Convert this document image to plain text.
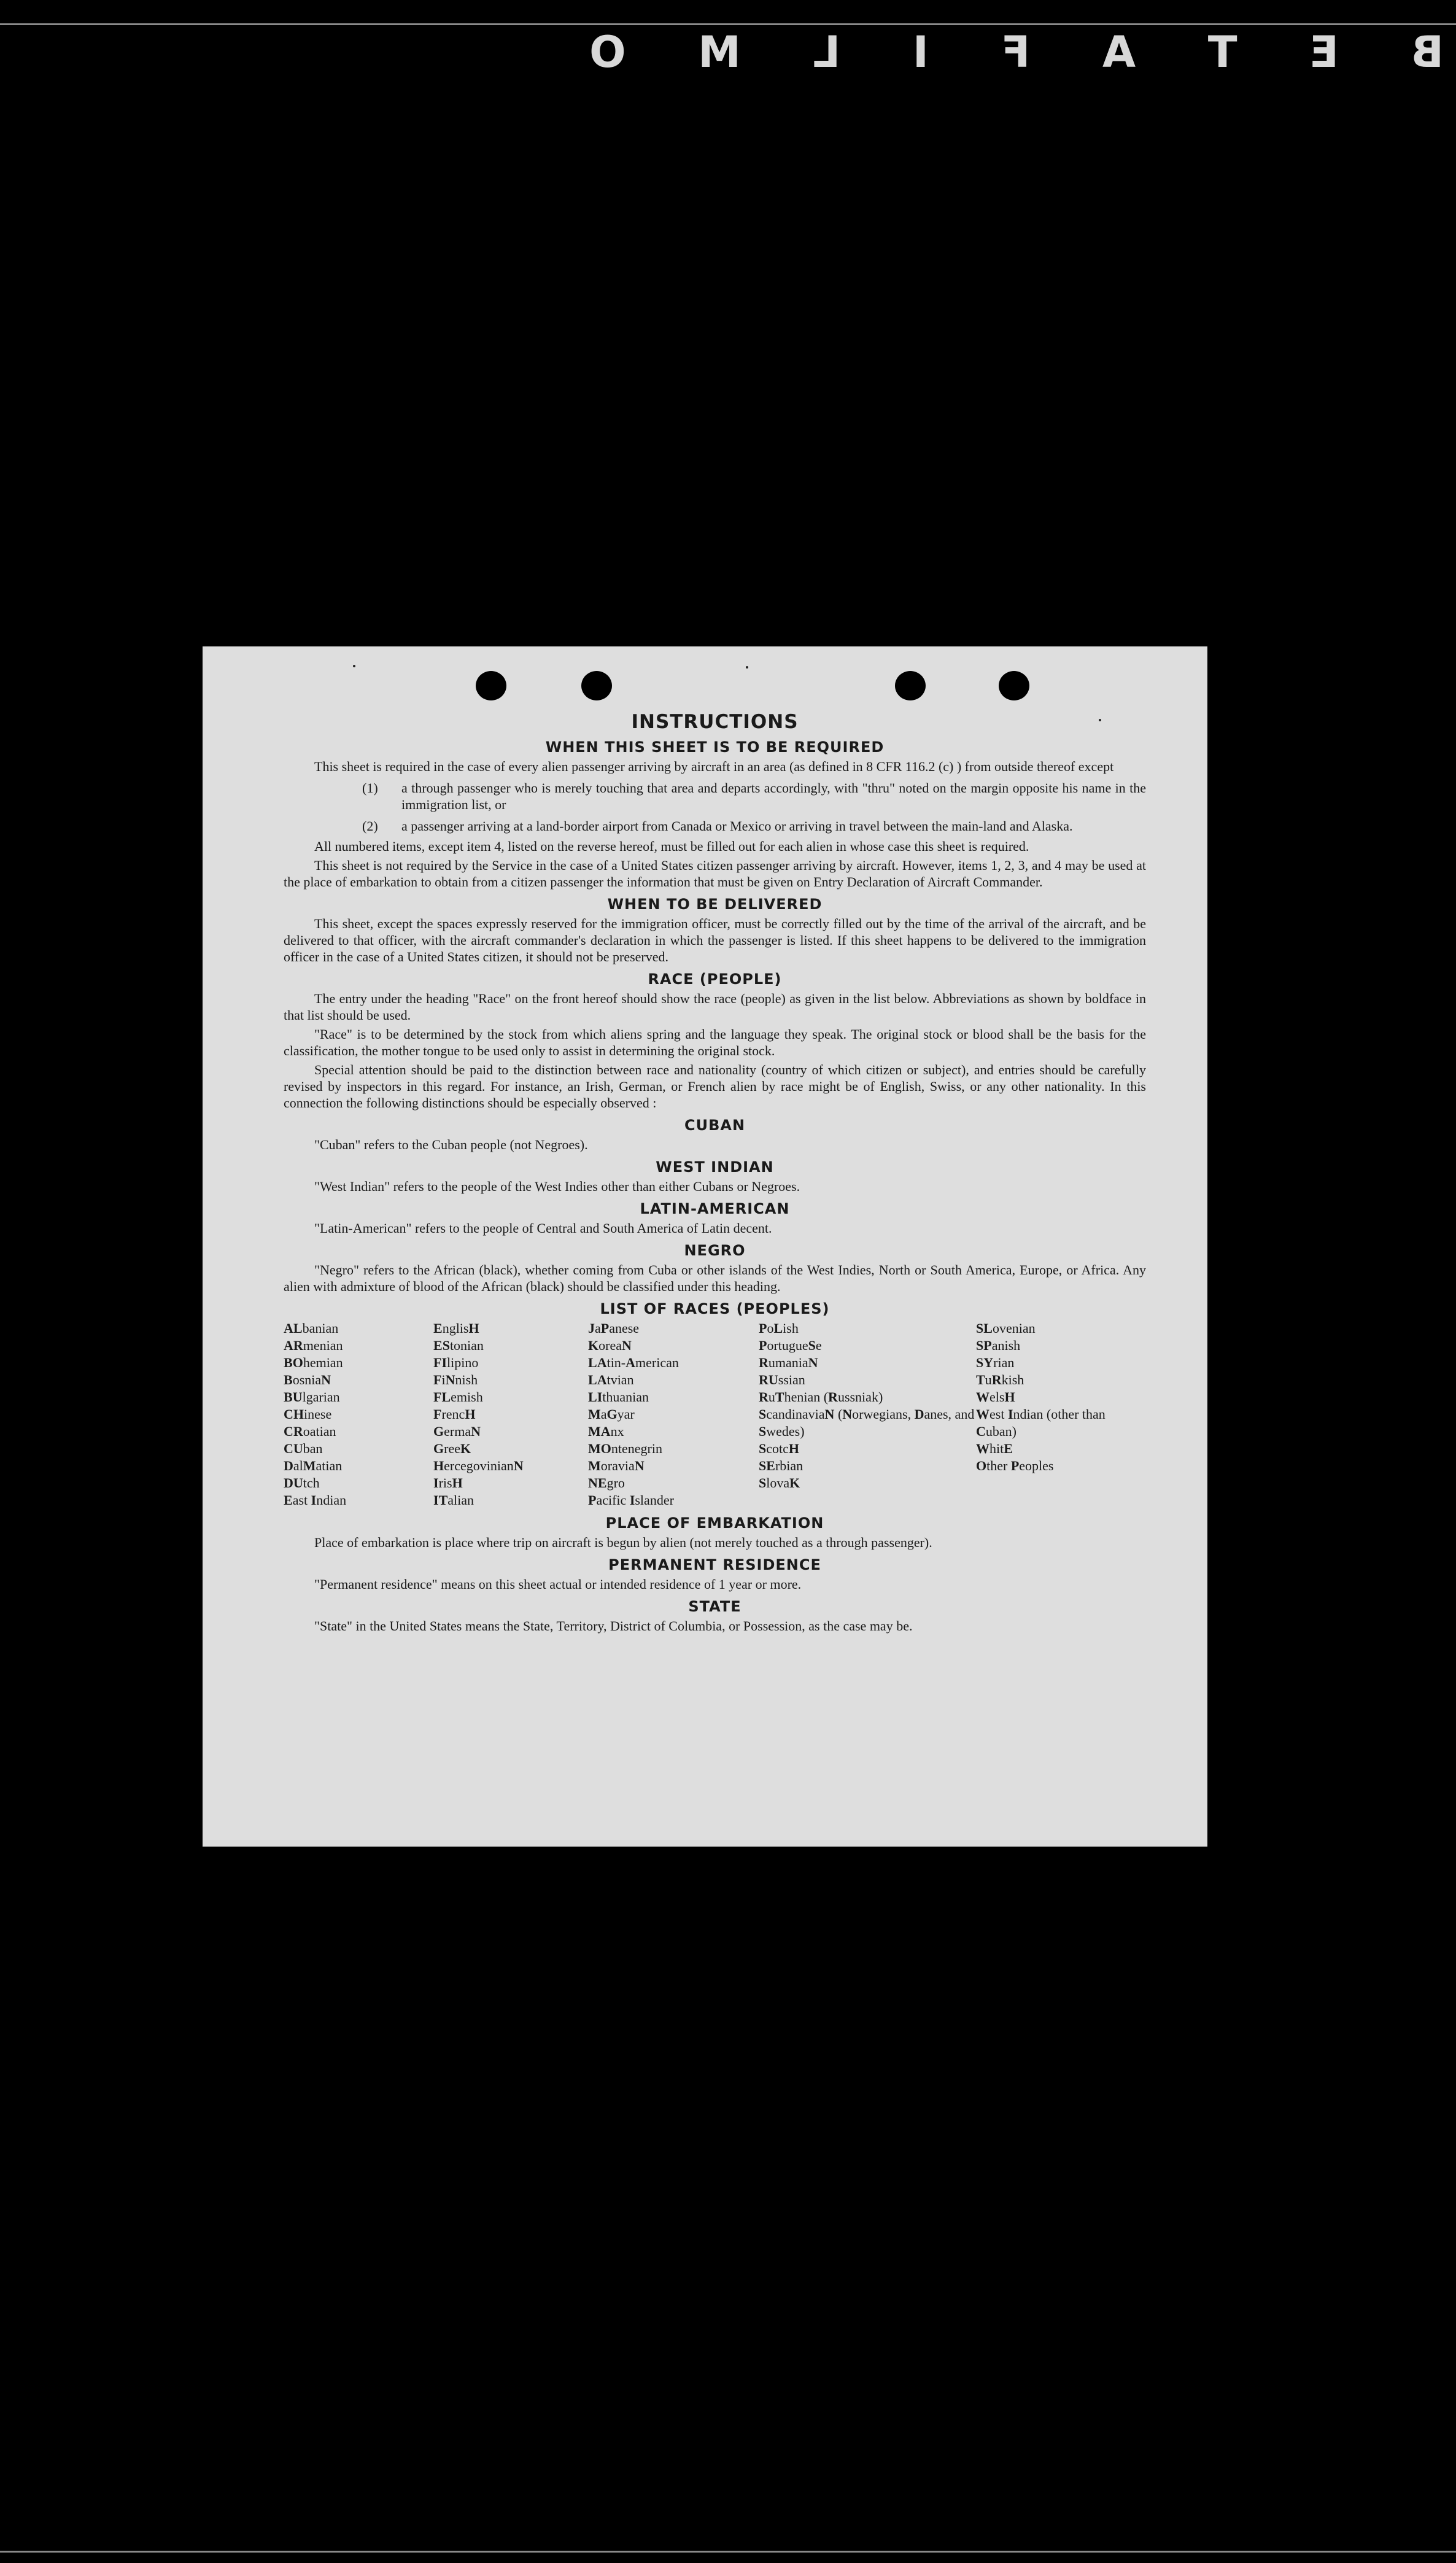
B
E
T
A
F
I
L
M
O
INSTRUCTIONS
WHEN THIS SHEET IS TO BE REQUIRED

This sheet is required in the case of every alien passenger arriving by aircraft in an area (as defined in 8 CFR 116.2 (c) ) from outside thereof except

(1)	a through passenger who is merely touching that area and departs accordingly, with "thru" noted on the margin opposite his name in the immigration list, or
(2)	a passenger arriving at a land-border airport from Canada or Mexico or arriving in travel between the main-land and Alaska.

All numbered items, except item 4, listed on the reverse hereof, must be filled out for each alien in whose case this sheet is required.

This sheet is not required by the Service in the case of a United States citizen passenger arriving by aircraft. However, items 1, 2, 3, and 4 may be used at the place of embarkation to obtain from a citizen passenger the information that must be given on Entry Declaration of Aircraft Commander.

WHEN TO BE DELIVERED

This sheet, except the spaces expressly reserved for the immigration officer, must be correctly filled out by the time of the arrival of the aircraft, and be delivered to that officer, with the aircraft commander's declaration in which the passenger is listed. If this sheet happens to be delivered to the immigration officer in the case of a United States citizen, it should not be preserved.

RACE (PEOPLE)

The entry under the heading "Race" on the front hereof should show the race (people) as given in the list below. Abbreviations as shown by boldface in that list should be used.

"Race" is to be determined by the stock from which aliens spring and the language they speak. The original stock or blood shall be the basis for the classification, the mother tongue to be used only to assist in determining the original stock.

Special attention should be paid to the distinction between race and nationality (country of which citizen or subject), and entries should be carefully revised by inspectors in this regard. For instance, an Irish, German, or French alien by race might be of English, Swiss, or any other nationality. In this connection the following distinctions should be especially observed :

CUBAN

"Cuban" refers to the Cuban people (not Negroes).

WEST INDIAN

"West Indian" refers to the people of the West Indies other than either Cubans or Negroes.

LATIN-AMERICAN

"Latin-American" refers to the people of Central and South America of Latin decent.

NEGRO

"Negro" refers to the African (black), whether coming from Cuba or other islands of the West Indies, North or South America, Europe, or Africa. Any alien with admixture of blood of the African (black) should be classified under this heading.

LIST OF RACES (PEOPLES)
ALbanian
ARmenian
BOhemian
BosniaN
BUlgarian
CHinese
CRoatian
CUban
DalMatian
DUtch
East Indian
EnglisH
EStonian
FIlipino
FiNnish
FLemish
FrencH
GermaN
GreeK
HercegovinianN
IrisH
ITalian
JaPanese
KoreaN
LAtin-American
LAtvian
LIthuanian
MaGyar
MAnx
MOntenegrin
MoraviaN
NEgro
Pacific Islander
PoLish
PortugueSe
RumaniaN
RUssian
RuThenian (Russniak)
ScandinaviaN (Norwegians, Danes, and Swedes)
ScotcH
SErbian
SlovaK
SLovenian
SPanish
SYrian
TuRkish
WelsH
West Indian (other than Cuban)
WhitE
Other Peoples
PLACE OF EMBARKATION

Place of embarkation is place where trip on aircraft is begun by alien (not merely touched as a through passenger).

PERMANENT RESIDENCE

"Permanent residence" means on this sheet actual or intended residence of 1 year or more.

STATE

"State" in the United States means the State, Territory, District of Columbia, or Possession, as the case may be.
